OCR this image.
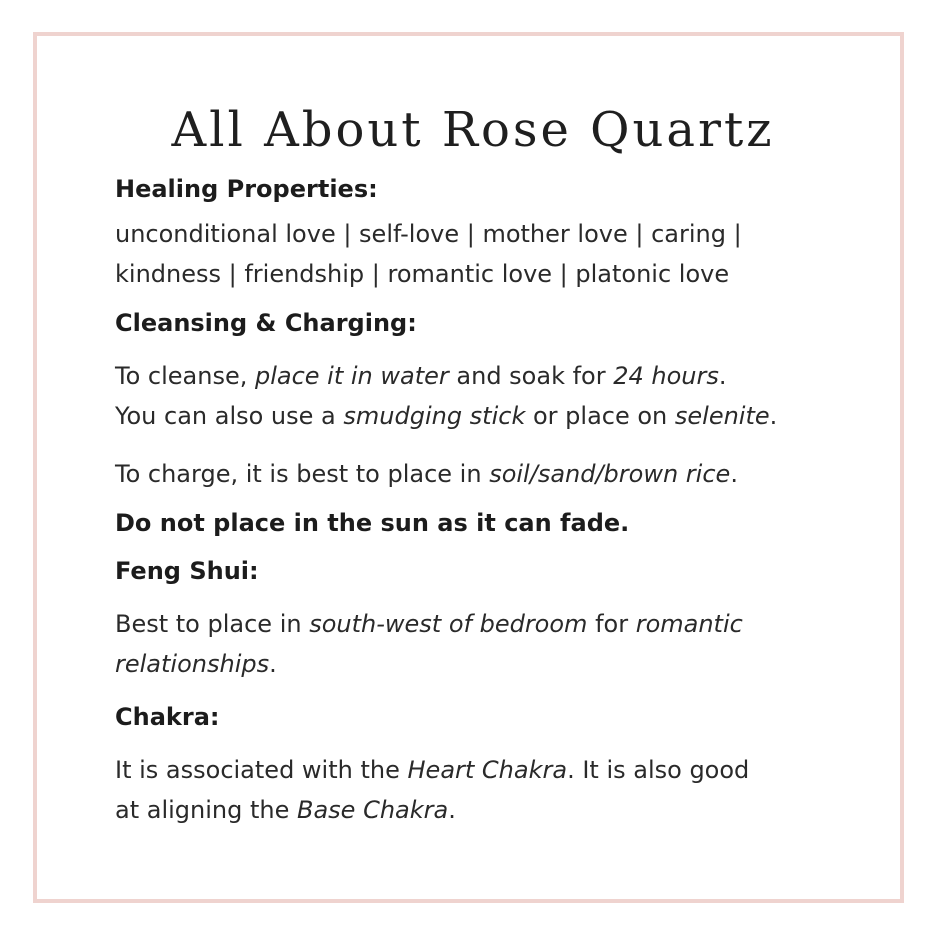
All About Rose Quartz
Healing Properties:

unconditional love | self-love | mother love | caring |

kindness | friendship | romantic love | platonic love

Cleansing & Charging:

To cleanse, place it in water and soak for 24 hours.

You can also use a smudging stick or place on selenite.

To charge, it is best to place in soil/sand/brown rice.

Do not place in the sun as it can fade.

Feng Shui:

Best to place in south-west of bedroom for romantic

relationships.

Chakra:

It is associated with the Heart Chakra. It is also good

at aligning the Base Chakra.
